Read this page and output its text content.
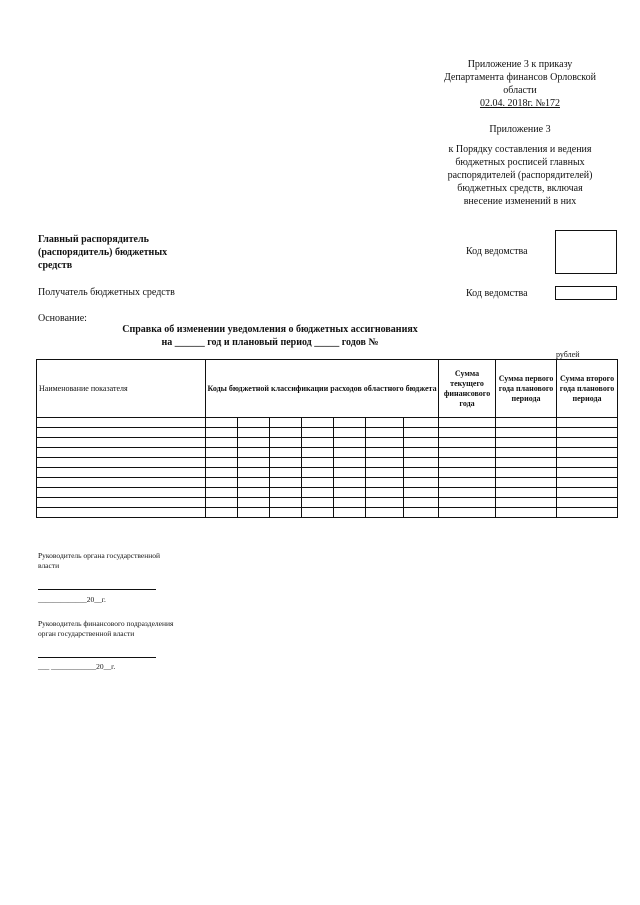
Приложение 3 к приказу
Департамента финансов Орловской
области
02.04. 2018г. №172
Приложение 3
к Порядку составления и ведения
бюджетных росписей главных
распорядителей (распорядителей)
бюджетных средств, включая
внесение изменений в них
Главный распорядитель
(распорядитель) бюджетных
средств
Код ведомства
Получатель бюджетных средств	Код ведомства
Основание:
Справка об изменении уведомления о бюджетных ассигнованиях
на ______ год и плановый период _____ годов №
рублей
Наименование показателя	Коды бюджетной классификации расходов областного бюджета							Сумма текущего финансового года	Сумма первого года планового периода	Сумма второго года планового периода

Руководитель органа государственной
власти
_____________20__г.
Руководитель финансового подразделения
орган государственной власти
___ ____________20__г.
